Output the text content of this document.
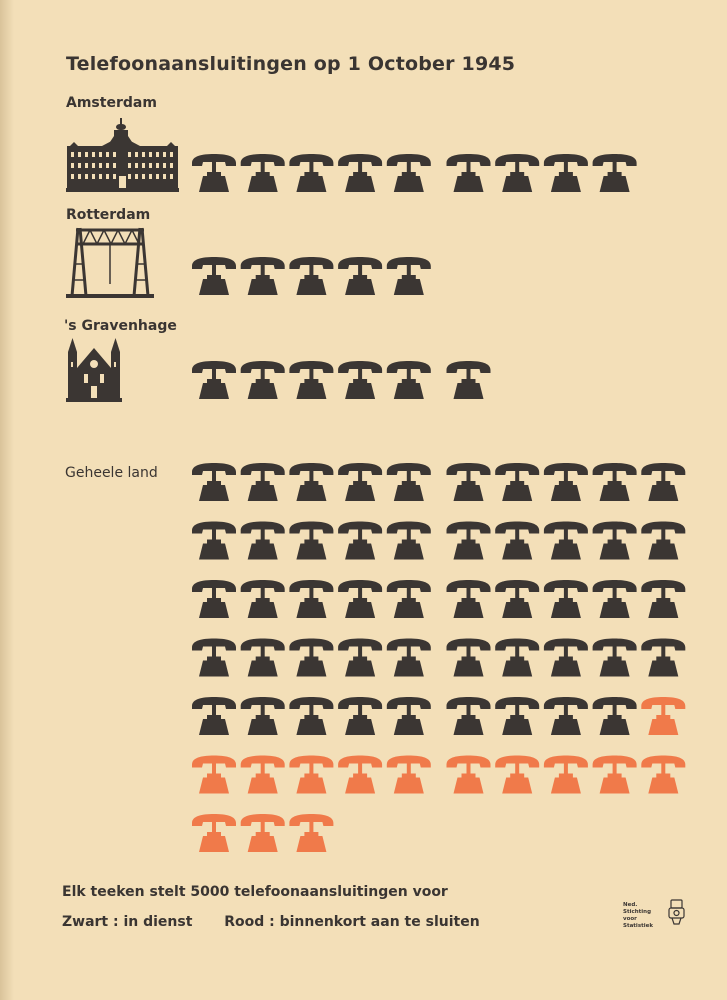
Telefoonaansluitingen op 1 October 1945
Amsterdam
Rotterdam
's Gravenhage
Geheele land
Elk teeken stelt 5000 telefoonaansluitingen voor
Zwart : in dienst Rood : binnenkort aan te sluiten
Ned. Stichting
voor Statistiek
